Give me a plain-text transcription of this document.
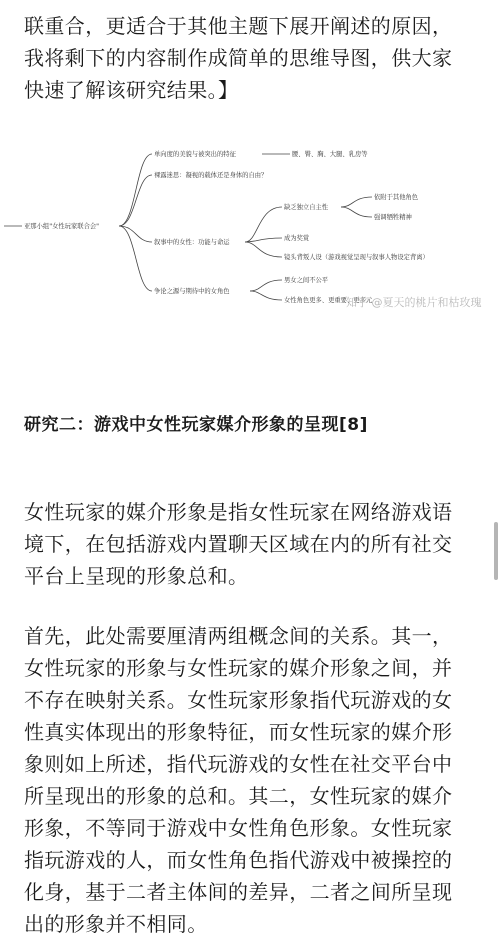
联重合，更适合于其他主题下展开阐述的原因，
我将剩下的内容制作成简单的思维导图，供大家
快速了解该研究结果。】
亚那小组"女性玩家联合会"
单向度的美貌与被突出的特征	腰、臀、胸、大腿、乳房等
裸露迷思：凝视的载体还是身体的自由？
叙事中的女性：功能与命运
缺乏独立自主性
依附于其他角色
强调牺牲精神
成为奖赏
镜头背叛人设（游戏视觉呈现与叙事人物设定背离）
争论之源与期待中的女角色
男女之间不公平
女性角色更多、更重要、更多元
知乎 @夏天的桃片和枯玫瑰
研究二：游戏中女性玩家媒介形象的呈现[8]
女性玩家的媒介形象是指女性玩家在网络游戏语
境下，在包括游戏内置聊天区域在内的所有社交
平台上呈现的形象总和。
首先，此处需要厘清两组概念间的关系。其一，
女性玩家的形象与女性玩家的媒介形象之间，并
不存在映射关系。女性玩家形象指代玩游戏的女
性真实体现出的形象特征，而女性玩家的媒介形
象则如上所述，指代玩游戏的女性在社交平台中
所呈现出的形象的总和。其二，女性玩家的媒介
形象，不等同于游戏中女性角色形象。女性玩家
指玩游戏的人，而女性角色指代游戏中被操控的
化身，基于二者主体间的差异，二者之间所呈现
出的形象并不相同。
